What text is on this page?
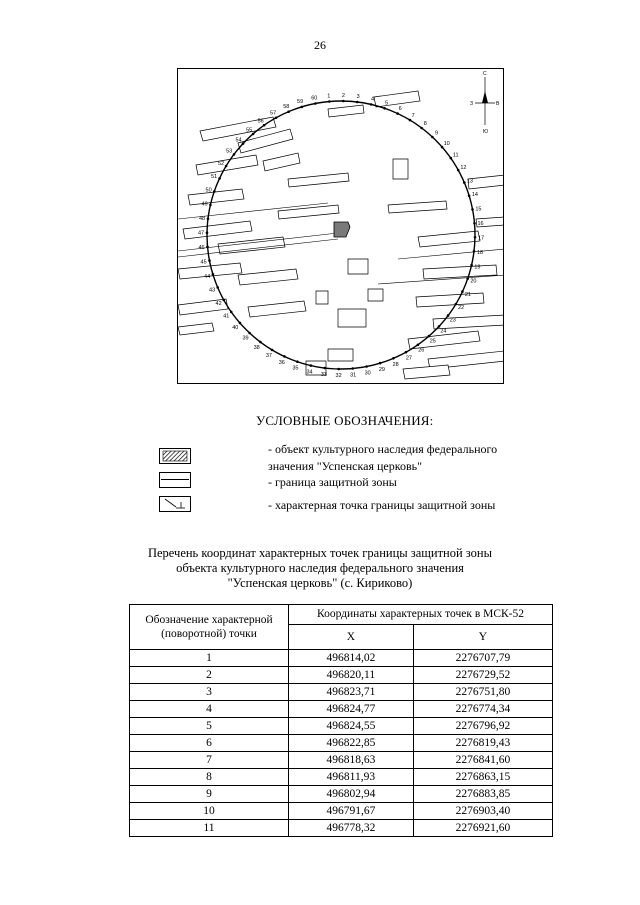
26
1 2 3 4
5
6
7
8
9
10
11
12
13
14
15
16
17
18
19
20
21
22
23
24
25
26
27
28
29
30
31
32
33
34
35
36
37
38
39
40
41
42
43
44
45
46
47
48
49
50
51
52
53
54
55
56
57
58
59
60
С
Ю
В
З
УСЛОВНЫЕ ОБОЗНАЧЕНИЯ:
- объект культурного наследия федерального
значения "Успенская церковь"
- граница защитной зоны
- характерная точка границы защитной зоны
Перечень координат характерных точек границы защитной зоны
объекта культурного наследия федерального значения
"Успенская церковь" (с. Кириково)
Обозначение характерной (поворотной) точки	Координаты характерных точек в МСК-52	
	X	Y
1	496814,02	2276707,79
2	496820,11	2276729,52
3	496823,71	2276751,80
4	496824,77	2276774,34
5	496824,55	2276796,92
6	496822,85	2276819,43
7	496818,63	2276841,60
8	496811,93	2276863,15
9	496802,94	2276883,85
10	496791,67	2276903,40
11	496778,32	2276921,60
